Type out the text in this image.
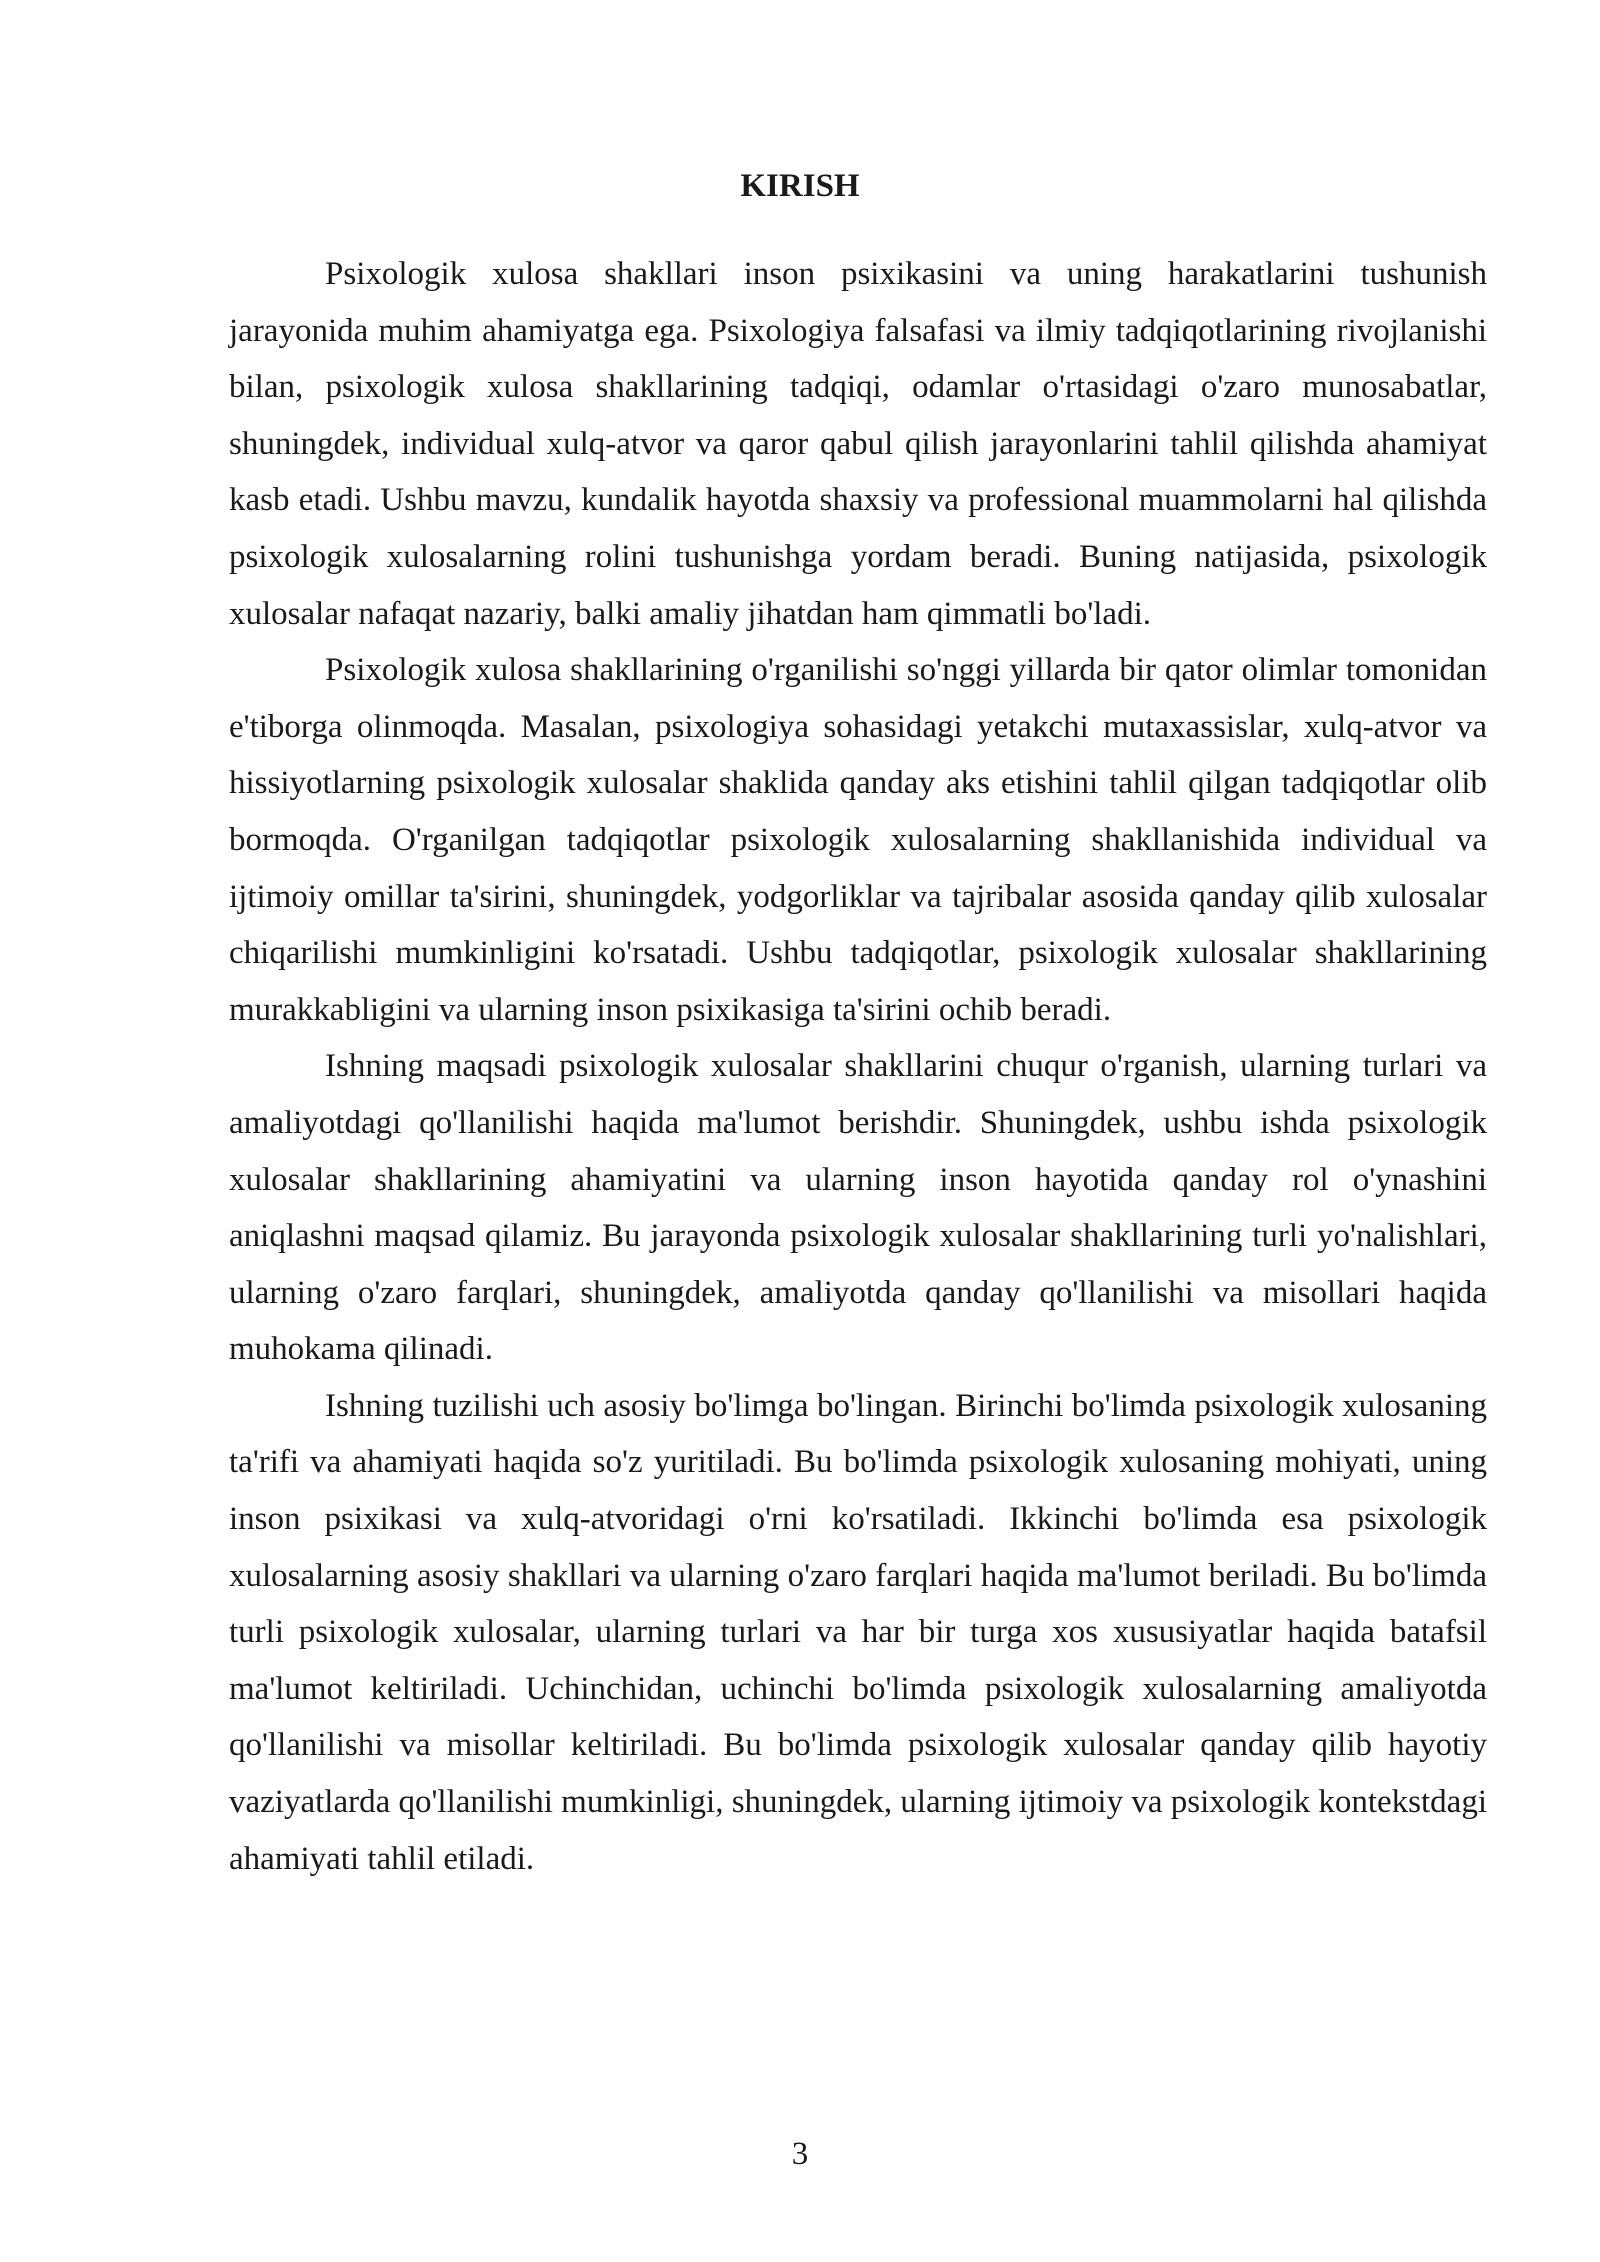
KIRISH

Psixologik xulosa shakllari inson psixikasini va uning harakatlarini tushunish jarayonida muhim ahamiyatga ega. Psixologiya falsafasi va ilmiy tadqiqotlarining rivojlanishi bilan, psixologik xulosa shakllarining tadqiqi, odamlar o'rtasidagi o'zaro munosabatlar, shuningdek, individual xulq-atvor va qaror qabul qilish jarayonlarini tahlil qilishda ahamiyat kasb etadi. Ushbu mavzu, kundalik hayotda shaxsiy va professional muammolarni hal qilishda psixologik xulosalarning rolini tushunishga yordam beradi. Buning natijasida, psixologik xulosalar nafaqat nazariy, balki amaliy jihatdan ham qimmatli bo'ladi.

Psixologik xulosa shakllarining o'rganilishi so'nggi yillarda bir qator olimlar tomonidan e'tiborga olinmoqda. Masalan, psixologiya sohasidagi yetakchi mutaxassislar, xulq-atvor va hissiyotlarning psixologik xulosalar shaklida qanday aks etishini tahlil qilgan tadqiqotlar olib bormoqda. O'rganilgan tadqiqotlar psixologik xulosalarning shakllanishida individual va ijtimoiy omillar ta'sirini, shuningdek, yodgorliklar va tajribalar asosida qanday qilib xulosalar chiqarilishi mumkinligini ko'rsatadi. Ushbu tadqiqotlar, psixologik xulosalar shakllarining murakkabligini va ularning inson psixikasiga ta'sirini ochib beradi.

Ishning maqsadi psixologik xulosalar shakllarini chuqur o'rganish, ularning turlari va amaliyotdagi qo'llanilishi haqida ma'lumot berishdir. Shuningdek, ushbu ishda psixologik xulosalar shakllarining ahamiyatini va ularning inson hayotida qanday rol o'ynashini aniqlashni maqsad qilamiz. Bu jarayonda psixologik xulosalar shakllarining turli yo'nalishlari, ularning o'zaro farqlari, shuningdek, amaliyotda qanday qo'llanilishi va misollari haqida muhokama qilinadi.

Ishning tuzilishi uch asosiy bo'limga bo'lingan. Birinchi bo'limda psixologik xulosaning ta'rifi va ahamiyati haqida so'z yuritiladi. Bu bo'limda psixologik xulosaning mohiyati, uning inson psixikasi va xulq-atvoridagi o'rni ko'rsatiladi. Ikkinchi bo'limda esa psixologik xulosalarning asosiy shakllari va ularning o'zaro farqlari haqida ma'lumot beriladi. Bu bo'limda turli psixologik xulosalar, ularning turlari va har bir turga xos xususiyatlar haqida batafsil ma'lumot keltiriladi. Uchinchidan, uchinchi bo'limda psixologik xulosalarning amaliyotda qo'llanilishi va misollar keltiriladi. Bu bo'limda psixologik xulosalar qanday qilib hayotiy vaziyatlarda qo'llanilishi mumkinligi, shuningdek, ularning ijtimoiy va psixologik kontekstdagi ahamiyati tahlil etiladi.

3
